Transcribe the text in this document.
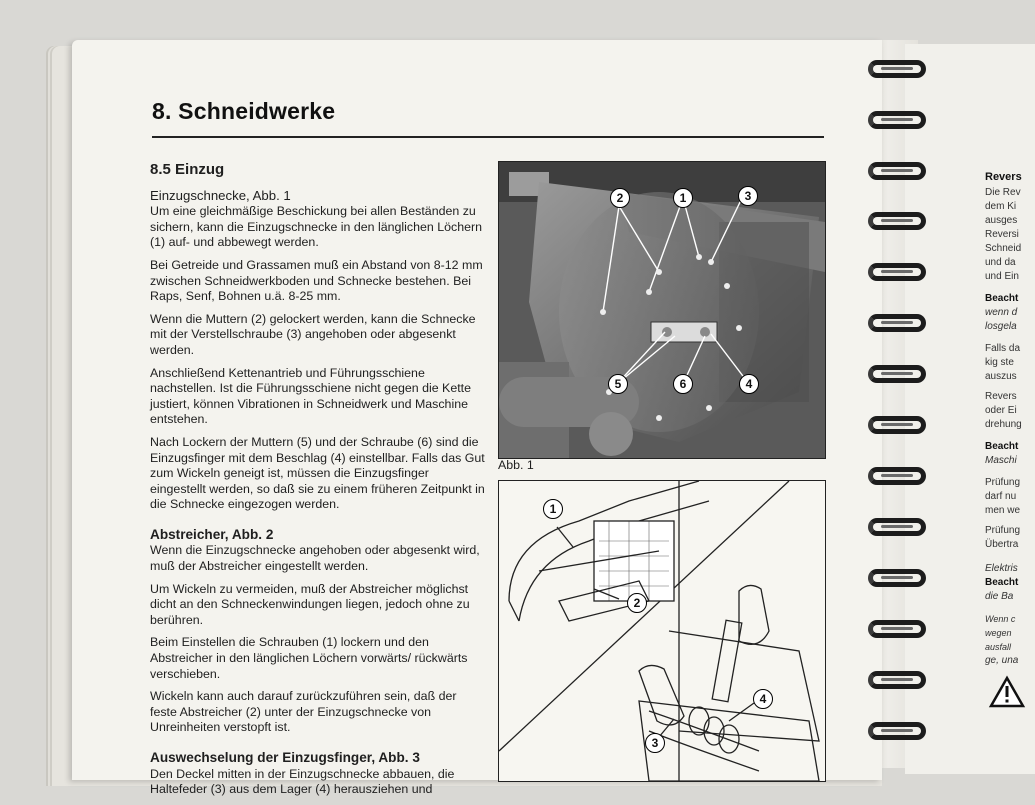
8. Schneidwerke
8.5 Einzug
Einzugschnecke, Abb. 1

Um eine gleichmäßige Beschickung bei allen Beständen zu sichern, kann die Einzugschnecke in den länglichen Löchern (1) auf- und abbewegt werden.

Bei Getreide und Grassamen muß ein Abstand von 8-12 mm zwischen Schneidwerkboden und Schnecke bestehen. Bei Raps, Senf, Bohnen u.ä. 8-25 mm.

Wenn die Muttern (2) gelockert werden, kann die Schnecke mit der Verstellschraube (3) angehoben oder abgesenkt werden.

Anschließend Kettenantrieb und Führungsschiene nachstellen. Ist die Führungsschiene nicht gegen die Kette justiert, können Vibrationen in Schneidwerk und Maschine entstehen.

Nach Lockern der Muttern (5) und der Schraube (6) sind die Einzugsfinger mit dem Beschlag (4) einstellbar. Falls das Gut zum Wickeln geneigt ist, müssen die Einzugsfinger eingestellt werden, so daß sie zu einem früheren Zeitpunkt in die Schnecke eingezogen werden.

Abstreicher, Abb. 2

Wenn die Einzugschnecke angehoben oder abgesenkt wird, muß der Abstreicher eingestellt werden.

Um Wickeln zu vermeiden, muß der Abstreicher möglichst dicht an den Schneckenwindungen liegen, jedoch ohne zu berühren.

Beim Einstellen die Schrauben (1) lockern und den Abstreicher in den länglichen Löchern vorwärts/ rückwärts verschieben.

Wickeln kann auch darauf zurückzuführen sein, daß der feste Abstreicher (2) unter der Einzugschnecke von Unreinheiten verstopft ist.

Auswechselung der Einzugsfinger, Abb. 3

Den Deckel mitten in der Einzugschnecke abbauen, die Haltefeder (3) aus dem Lager (4) herausziehen und

2	1	3
5	6	4
Abb. 1
1
2
4
3
Revers
Die Rev
dem Ki
ausges
Reversi
Schneid
und da
und Ein
Beacht
wenn d
losgela
Falls da
kig ste
auszus
Revers
oder Ei
drehung
Beacht
Maschi
Prüfung
darf nu
men we
Prüfung
Übertra
Elektris
Beacht
die Ba
Wenn c
wegen
ausfall
ge, una
